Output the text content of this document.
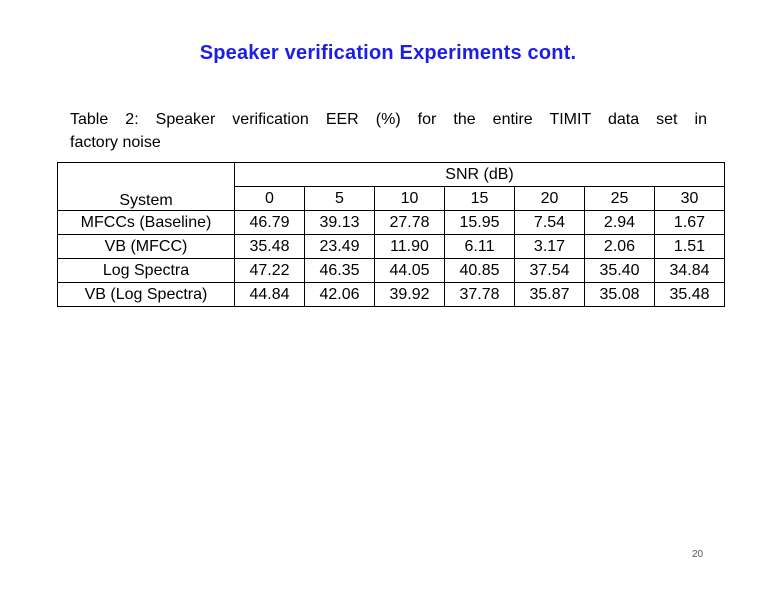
Speaker verification Experiments cont.
Table 2: Speaker verification EER (%) for the entire TIMIT data set in
factory noise
System	SNR (dB)						
	0	5	10	15	20	25	30
MFCCs (Baseline)	46.79	39.13	27.78	15.95	7.54	2.94	1.67
VB (MFCC)	35.48	23.49	11.90	6.11	3.17	2.06	1.51
Log Spectra	47.22	46.35	44.05	40.85	37.54	35.40	34.84
VB (Log Spectra)	44.84	42.06	39.92	37.78	35.87	35.08	35.48
20
